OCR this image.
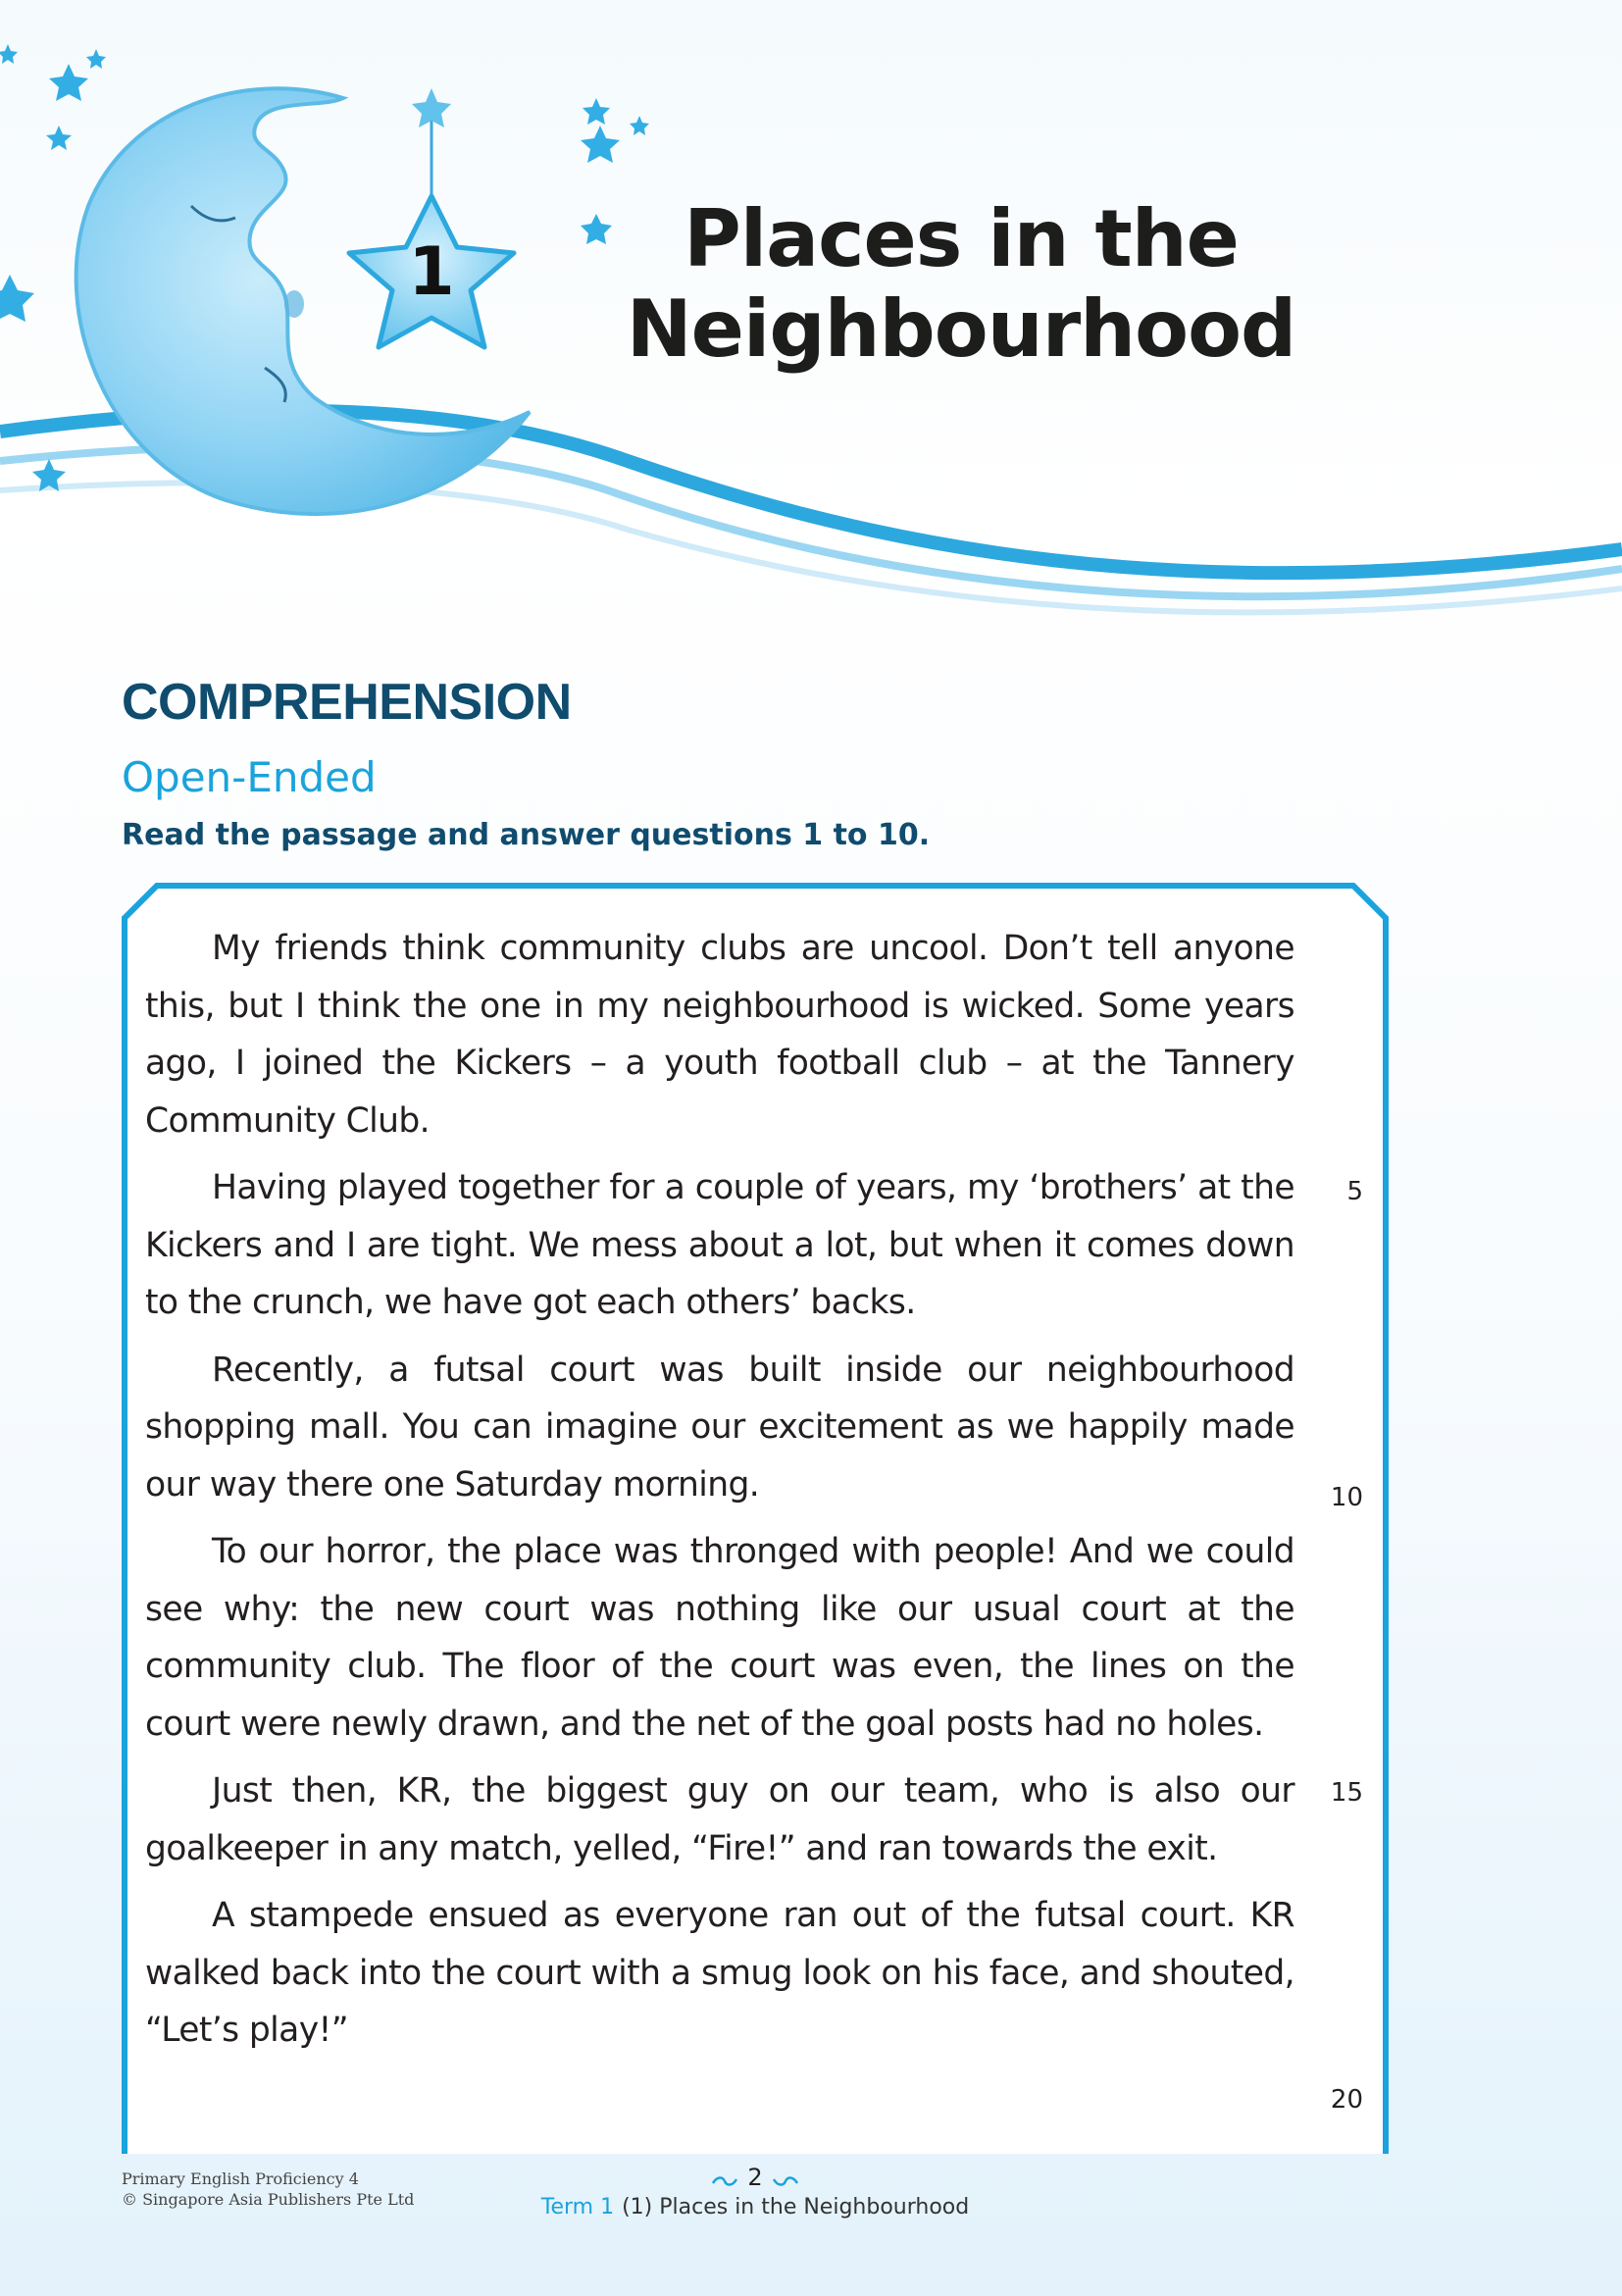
1	Places in the
Neighbourhood
COMPREHENSION
Open-Ended
Read the passage and answer questions 1 to 10.

My friends think community clubs are uncool. Don’t tell anyone this, but I think the one in my neighbourhood is wicked. Some years ago, I joined the Kickers – a youth football club – at the Tannery Community Club.

Having played together for a couple of years, my ‘brothers’ at the Kickers and I are tight. We mess about a lot, but when it comes down to the crunch, we have got each others’ backs.

Recently, a futsal court was built inside our neighbourhood shopping mall. You can imagine our excitement as we happily made our way there one Saturday morning.

To our horror, the place was thronged with people! And we could see why: the new court was nothing like our usual court at the community club. The floor of the court was even, the lines on the court were newly drawn, and the net of the goal posts had no holes.

Just then, KR, the biggest guy on our team, who is also our goalkeeper in any match, yelled, “Fire!” and ran towards the exit.

A stampede ensued as everyone ran out of the futsal court. KR walked back into the court with a smug look on his face, and shouted, “Let’s play!”

5
10
15
20
Primary English Proficiency 4
© Singapore Asia Publishers Pte Ltd
2
Term 1 (1) Places in the Neighbourhood
